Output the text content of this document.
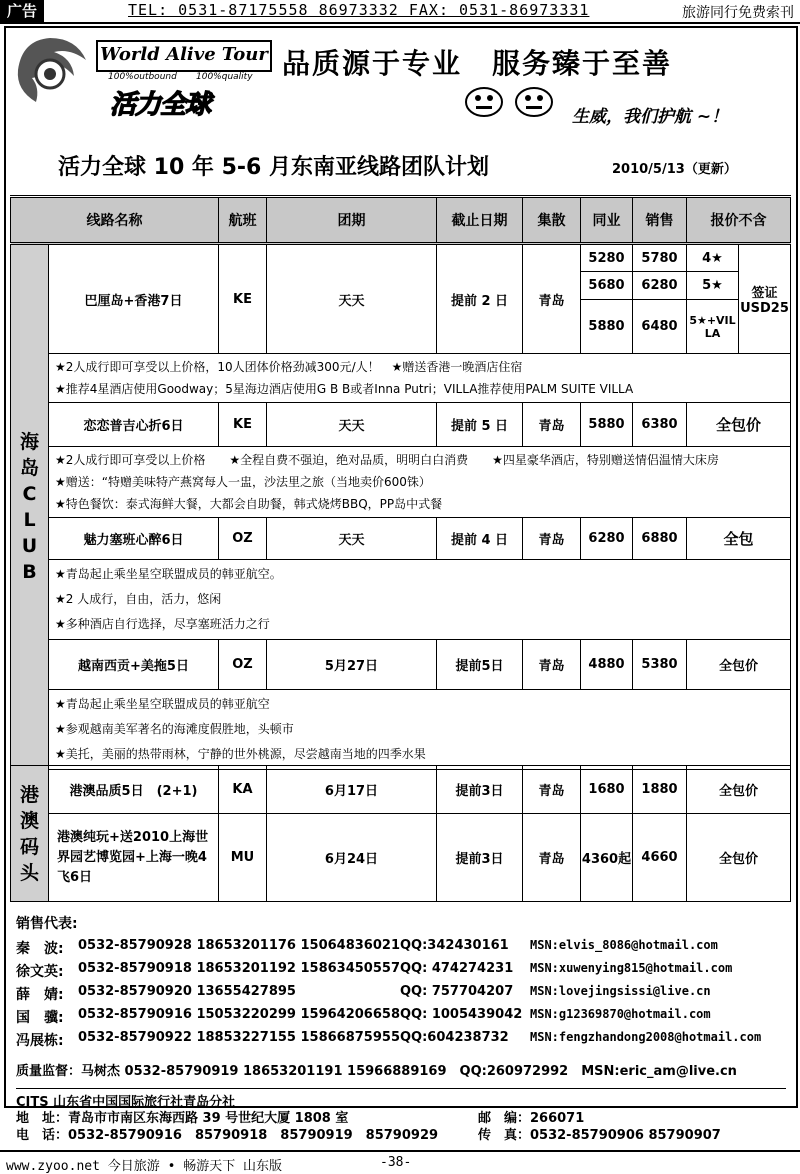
广告	TEL: 0531-87175558 86973332 FAX: 0531-86973331	旅游同行免费索刊
World Alive Tour
100%outbound 100%quality
活力全球
品质源于专业　服务臻于至善
生威，我们护航 ~！
活力全球 10 年 5-6 月东南亚线路团队计划	2010/5/13（更新）
线路名称		航班	团期	截止日期	集散	同业	销售	报价不含	

海岛CLUB	巴厘岛+香港7日	KE	天天	提前 2 日	青岛	5280	5780	4★	签证USD25
						5680	6280	5★	
						5880	6480	5★+VILLA	

	★2人成行即可享受以上价格，10人团体价格劲减300元/人！　★赠送香港一晚酒店住宿
★推荐4星酒店使用Goodway；5星海边酒店使用G B B或者Inna Putri；VILLA推荐使用PALM SUITE VILLA								

	恋恋普吉心折6日	KE	天天	提前 5 日	青岛	5880	6380	全包价	

	★2人成行即可享受以上价格　　★全程自费不强迫，绝对品质，明明白白消费　　★四星豪华酒店，特别赠送情侣温情大床房
★赠送：“特赠美味特产燕窝每人一盅，沙法里之旅（当地卖价600铢）
★特色餐饮：泰式海鲜大餐，大都会自助餐，韩式烧烤BBQ，PP岛中式餐								

	魅力塞班心醉6日	OZ	天天	提前 4 日	青岛	6280	6880	全包	

	★青岛起止乘坐星空联盟成员的韩亚航空。
★2 人成行，自由，活力，悠闲
★多种酒店自行选择，尽享塞班活力之行								

	越南西贡+美拖5日	OZ	5月27日	提前5日	青岛	4880	5380	全包价	

	★青岛起止乘坐星空联盟成员的韩亚航空
★参观越南美军著名的海滩度假胜地，头顿市
★美托，美丽的热带雨林，宁静的世外桃源，尽尝越南当地的四季水果								
港澳码头	港澳品质5日　(2+1)	KA	6月17日	提前3日	青岛	1680	1880	全包价
	港澳纯玩+送2010上海世界园艺博览园+上海一晚4飞6日	MU	6月24日	提前3日	青岛	4360起	4660	全包价
销售代表:
秦　波: 0532-85790928 18653201176 15064836021 QQ:342430161 MSN:elvis_8086@hotmail.com
徐文英: 0532-85790918 18653201192 15863450557 QQ: 474274231 MSN:xuwenying815@hotmail.com
薛　婧: 0532-85790920 13655427895	QQ: 757704207 MSN:lovejingsissi@live.cn
国　骥: 0532-85790916 15053220299 15964206658 QQ: 1005439042 MSN:g12369870@hotmail.com
冯展栋: 0532-85790922 18853227155 15866875955 QQ:604238732 MSN:fengzhandong2008@hotmail.com
质量监督：马树杰 0532-85790919 18653201191 15966889169　QQ:260972992　MSN:eric_am@live.cn
CITS 山东省中国国际旅行社青岛分社
地　址：青岛市市南区东海西路 39 号世纪大厦 1808 室
电　话：0532-85790916　85790918　85790919　85790929
邮　编：266071
传　真：0532-85790906 85790907
www.zyoo.net 今日旅游 • 畅游天下 山东版	-38-
